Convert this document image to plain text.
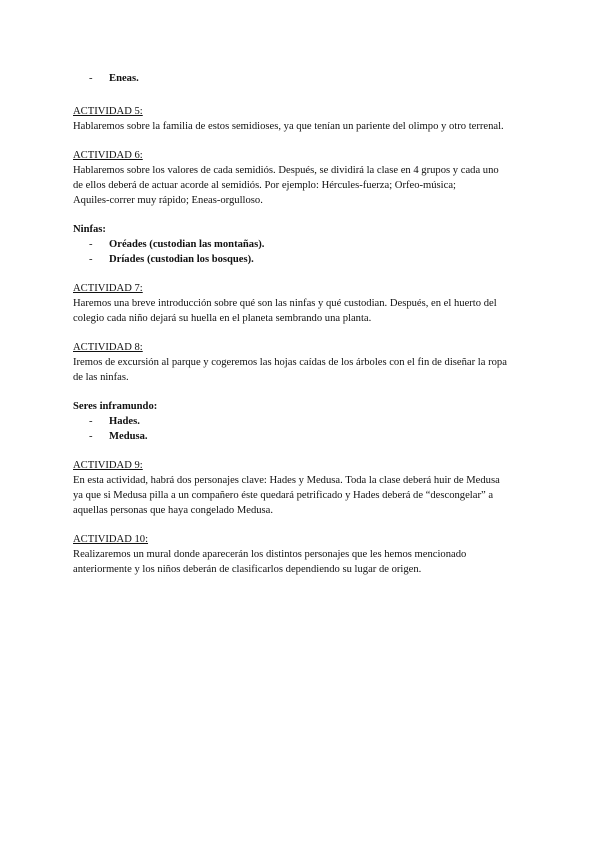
- Eneas.
ACTIVIDAD 5:

Hablaremos sobre la familia de estos semidioses, ya que tenían un pariente del olimpo y otro terrenal.

ACTIVIDAD 6:

Hablaremos sobre los valores de cada semidiós. Después, se dividirá la clase en 4 grupos y cada uno
de ellos deberá de actuar acorde al semidiós. Por ejemplo: Hércules-fuerza; Orfeo-música;
Aquiles-correr muy rápido; Eneas-orgulloso.

Ninfas:
- Oréades (custodian las montañas).
- Dríades (custodian los bosques).
ACTIVIDAD 7:

Haremos una breve introducción sobre qué son las ninfas y qué custodian. Después, en el huerto del
colegio cada niño dejará su huella en el planeta sembrando una planta.

ACTIVIDAD 8:

Iremos de excursión al parque y cogeremos las hojas caídas de los árboles con el fin de diseñar la ropa
de las ninfas.

Seres inframundo:
- Hades.
- Medusa.
ACTIVIDAD 9:

En esta actividad, habrá dos personajes clave: Hades y Medusa. Toda la clase deberá huir de Medusa
ya que si Medusa pilla a un compañero éste quedará petrificado y Hades deberá de “descongelar” a
aquellas personas que haya congelado Medusa.

ACTIVIDAD 10:

Realizaremos un mural donde aparecerán los distintos personajes que les hemos mencionado
anteriormente y los niños deberán de clasificarlos dependiendo su lugar de origen.
